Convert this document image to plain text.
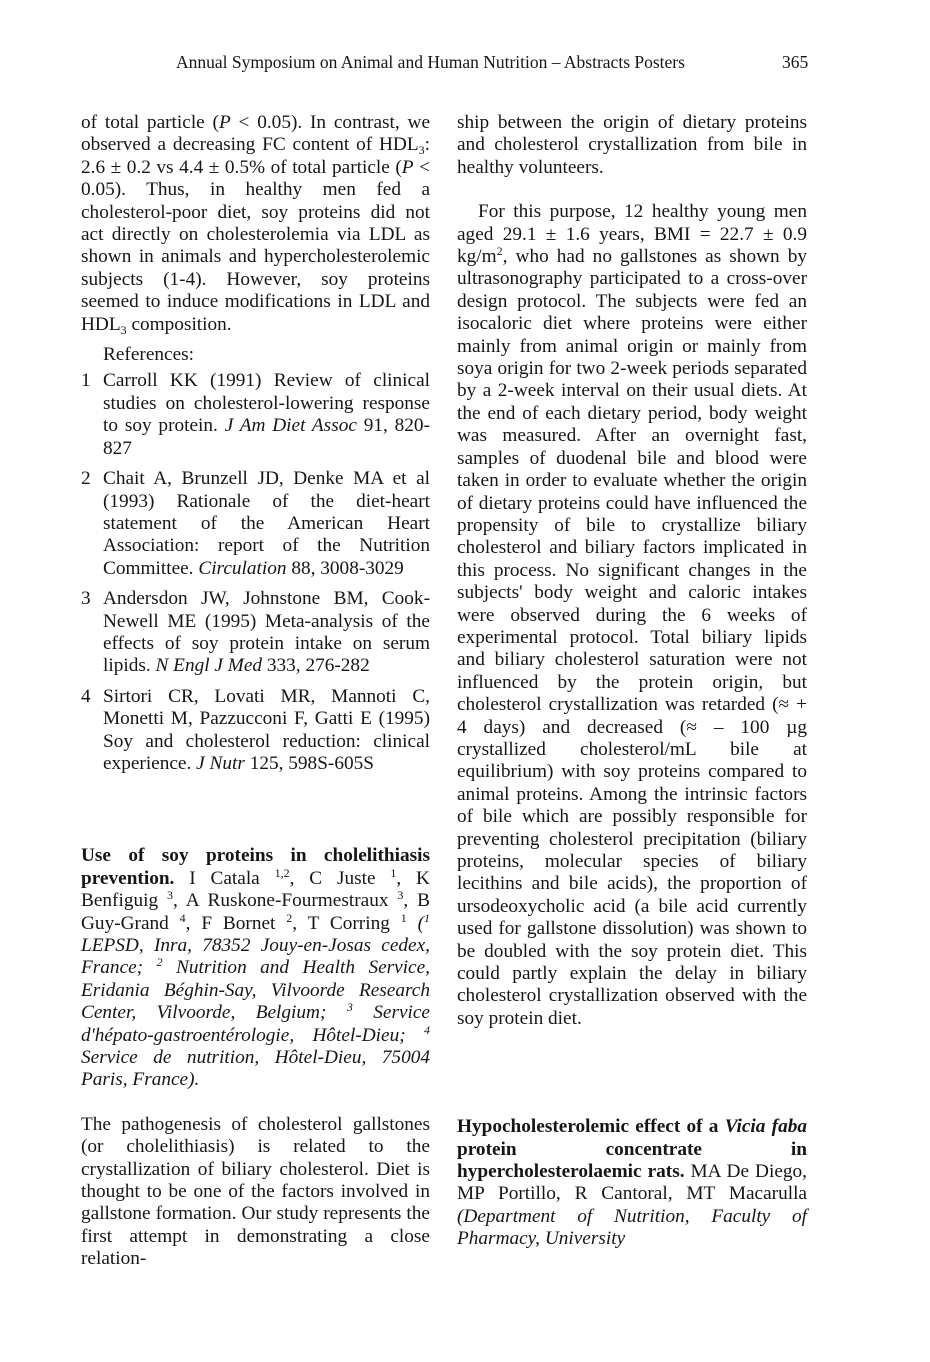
Annual Symposium on Animal and Human Nutrition – Abstracts Posters	365

of total particle (P < 0.05). In contrast, we observed a decreasing FC content of $HDL_3$: 2.6 ± 0.2 vs 4.4 ± 0.5% of total particle (P < 0.05). Thus, in healthy men fed a cholesterol-poor diet, soy proteins did not act directly on cholesterolemia via LDL as shown in animals and hypercholesterolemic subjects (1-4). However, soy proteins seemed to induce modifications in LDL and $HDL_3$ composition.

References:
1 Carroll KK (1991) Review of clinical studies on cholesterol-lowering response to soy protein. J Am Diet Assoc 91, 820-827
2 Chait A, Brunzell JD, Denke MA et al (1993) Rationale of the diet-heart statement of the American Heart Association: report of the Nutrition Committee. Circulation 88, 3008-3029
3 Andersdon JW, Johnstone BM, Cook-Newell ME (1995) Meta-analysis of the effects of soy protein intake on serum lipids. N Engl J Med 333, 276-282
4 Sirtori CR, Lovati MR, Mannoti C, Monetti M, Pazzucconi F, Gatti E (1995) Soy and cholesterol reduction: clinical experience. J Nutr 125, 598S-605S

Use of soy proteins in cholelithiasis prevention. I Catala $^{1,2}$, C Juste $^1$, K Benfiguig $^3$, A Ruskone-Fourmestraux $^3$, B Guy-Grand $^4$, F Bornet $^2$, T Corring $^1$ ($^1$ LEPSD, Inra, 78352 Jouy-en-Josas cedex, France; $^2$ Nutrition and Health Service, Eridania Béghin-Say, Vilvoorde Research Center, Vilvoorde, Belgium; $^3$ Service d'hépato-gastroentérologie, Hôtel-Dieu; $^4$ Service de nutrition, Hôtel-Dieu, 75004 Paris, France).

The pathogenesis of cholesterol gallstones (or cholelithiasis) is related to the crystallization of biliary cholesterol. Diet is thought to be one of the factors involved in gallstone formation. Our study represents the first attempt in demonstrating a close relation-

ship between the origin of dietary proteins and cholesterol crystallization from bile in healthy volunteers.

For this purpose, 12 healthy young men aged 29.1 ± 1.6 years, BMI = 22.7 ± 0.9 $kg/m^2$, who had no gallstones as shown by ultrasonography participated to a cross-over design protocol. The subjects were fed an isocaloric diet where proteins were either mainly from animal origin or mainly from soya origin for two 2-week periods separated by a 2-week interval on their usual diets. At the end of each dietary period, body weight was measured. After an overnight fast, samples of duodenal bile and blood were taken in order to evaluate whether the origin of dietary proteins could have influenced the propensity of bile to crystallize biliary cholesterol and biliary factors implicated in this process. No significant changes in the subjects' body weight and caloric intakes were observed during the 6 weeks of experimental protocol. Total biliary lipids and biliary cholesterol saturation were not influenced by the protein origin, but cholesterol crystallization was retarded (≈ + 4 days) and decreased (≈ – 100 µg crystallized cholesterol/mL bile at equilibrium) with soy proteins compared to animal proteins. Among the intrinsic factors of bile which are possibly responsible for preventing cholesterol precipitation (biliary proteins, molecular species of biliary lecithins and bile acids), the proportion of ursodeoxycholic acid (a bile acid currently used for gallstone dissolution) was shown to be doubled with the soy protein diet. This could partly explain the delay in biliary cholesterol crystallization observed with the soy protein diet.

Hypocholesterolemic effect of a Vicia faba protein concentrate in hypercholesterolaemic rats. MA De Diego, MP Portillo, R Cantoral, MT Macarulla (Department of Nutrition, Faculty of Pharmacy, University
